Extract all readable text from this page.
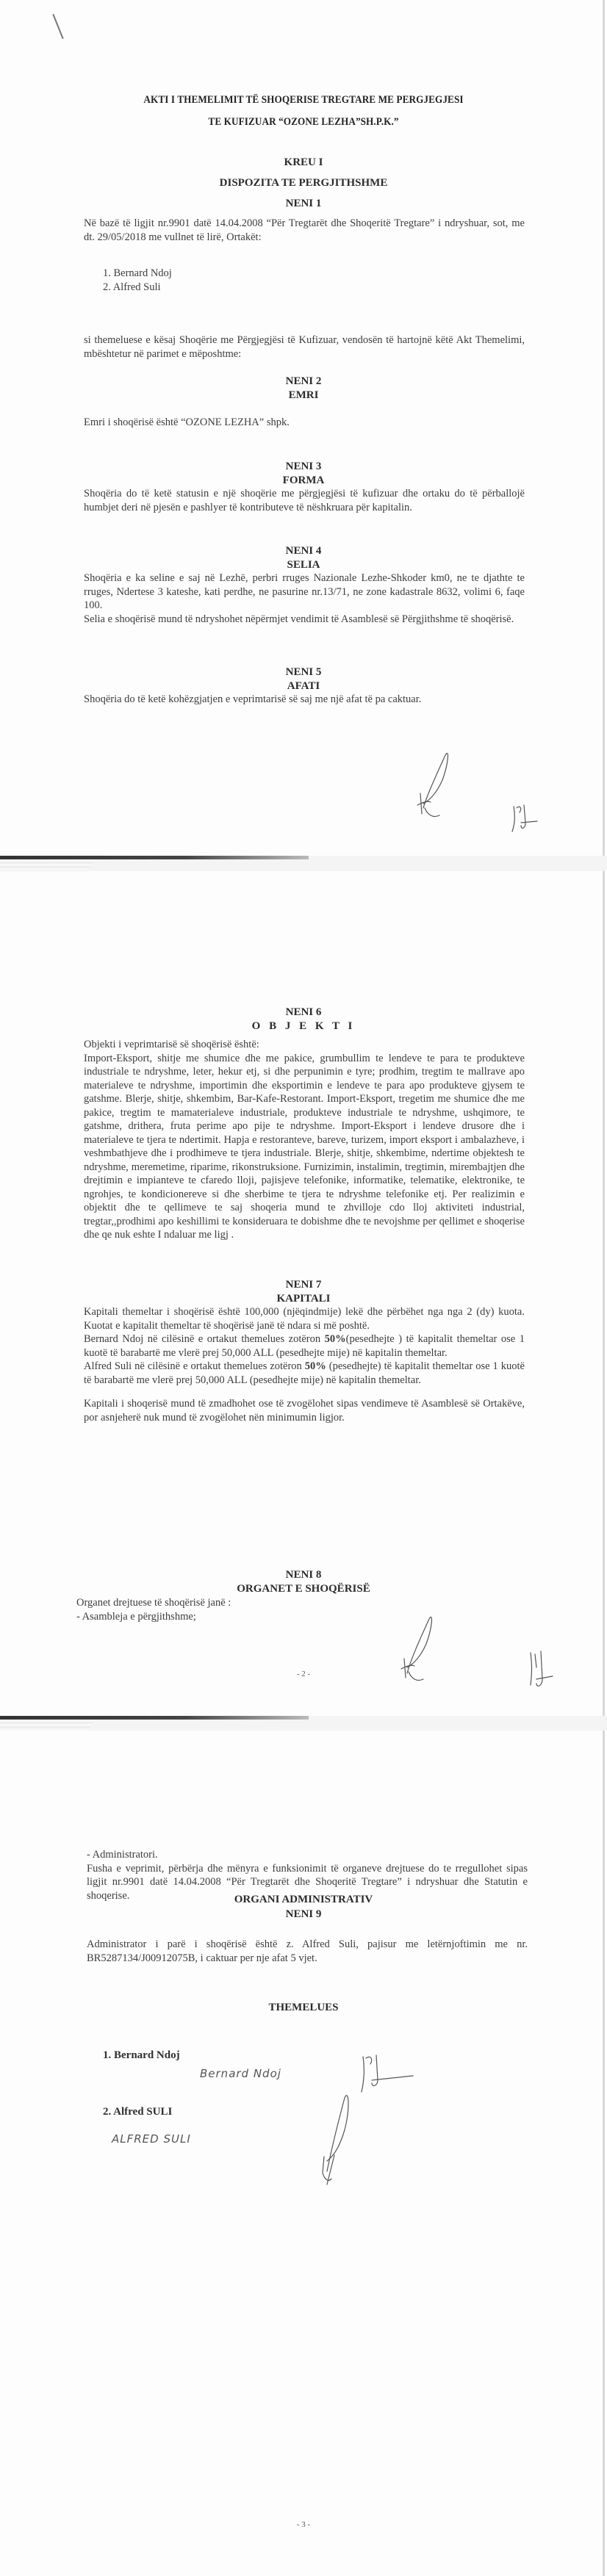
AKTI I THEMELIMIT TË SHOQERISE TREGTARE ME PERGJEGJESI
TE KUFIZUAR “OZONE LEZHA”SH.P.K.”
KREU I
DISPOZITA TE PERGJITHSHME
NENI 1
Në bazë të ligjit nr.9901 datë 14.04.2008 “Për Tregtarët dhe Shoqeritë Tregtare” i ndryshuar, sot, me dt. 29/05/2018 me vullnet të lirë, Ortakët:
1. Bernard Ndoj
2. Alfred Suli
si themeluese e kësaj Shoqërie me Përgjegjësi të Kufizuar, vendosën të hartojnë këtë Akt Themelimi, mbështetur në parimet e mëposhtme:
NENI 2
EMRI
Emri i shoqërisë është “OZONE LEZHA” shpk.
NENI 3
FORMA
Shoqëria do të ketë statusin e një shoqërie me përgjegjësi të kufizuar dhe ortaku do të përballojë humbjet deri në pjesën e pashlyer të kontributeve të nëshkruara për kapitalin.
NENI 4
SELIA

Shoqëria e ka seline e saj në Lezhë, perbri rruges Nazionale Lezhe-Shkoder km0, ne te djathte te rruges, Ndertese 3 kateshe, kati perdhe, ne pasurine nr.13/71, ne zone kadastrale 8632, volimi 6, faqe 100.

Selia e shoqërisë mund të ndryshohet nëpërmjet vendimit të Asamblesë së Përgjithshme të shoqërisë.

NENI 5
AFATI
Shoqëria do të ketë kohëzgjatjen e veprimtarisë së saj me një afat të pa caktuar.
NENI 6
O B J E K T I

Objekti i veprimtarisë së shoqërisë është:

Import-Eksport, shitje me shumice dhe me pakice, grumbullim te lendeve te para te produkteve industriale te ndryshme, leter, hekur etj, si dhe perpunimin e tyre; prodhim, tregtim te mallrave apo materialeve te ndryshme, importimin dhe eksportimin e lendeve te para apo produkteve gjysem te gatshme. Blerje, shitje, shkembim, Bar-Kafe-Restorant. Import-Eksport, tregetim me shumice dhe me pakice, tregtim te mamaterialeve industriale, produkteve industriale te ndryshme, ushqimore, te gatshme, drithera, fruta perime apo pije te ndryshme. Import-Eksport i lendeve drusore dhe i materialeve te tjera te ndertimit. Hapja e restoranteve, bareve, turizem, import eksport i ambalazheve, i veshmbathjeve dhe i prodhimeve te tjera industriale. Blerje, shitje, shkembime, ndertime objektesh te ndryshme, meremetime, riparime, rikonstruksione. Furnizimin, instalimin, tregtimin, mirembajtjen dhe drejtimin e impianteve te cfaredo lloji, pajisjeve telefonike, informatike, telematike, elektronike, te ngrohjes, te kondicionereve si dhe sherbime te tjera te ndryshme telefonike etj. Per realizimin e objektit dhe te qellimeve te saj shoqeria mund te zhvilloje cdo lloj aktiviteti industrial, tregtar,,prodhimi apo keshillimi te konsideruara te dobishme dhe te nevojshme per qellimet e shoqerise dhe qe nuk eshte I ndaluar me ligj .

NENI 7
KAPITALI

Kapitali themeltar i shoqërisë është 100,000 (njëqindmije) lekë dhe përbëhet nga nga 2 (dy) kuota. Kuotat e kapitalit themeltar të shoqërisë janë të ndara si më poshtë.

Bernard Ndoj në cilësinë e ortakut themelues zotëron 50%(pesedhejte ) të kapitalit themeltar ose 1 kuotë të barabartë me vlerë prej 50,000 ALL (pesedhejte mije) në kapitalin themeltar.

Alfred Suli në cilësinë e ortakut themelues zotëron 50% (pesedhejte) të kapitalit themeltar ose 1 kuotë të barabartë me vlerë prej 50,000 ALL (pesedhejte mije) në kapitalin themeltar.

Kapitali i shoqerisë mund të zmadhohet ose të zvogëlohet sipas vendimeve të Asamblesë së Ortakëve, por asnjeherë nuk mund të zvogëlohet nën minimumin ligjor.

NENI 8
ORGANET E SHOQËRISË

Organet drejtuese të shoqërisë janë :

- Asambleja e përgjithshme;

- 2 -

- Administratori.

Fusha e veprimit, përbërja dhe mënyra e funksionimit të organeve drejtuese do te rregullohet sipas ligjit nr.9901 datë 14.04.2008 “Për Tregtarët dhe Shoqeritë Tregtare” i ndryshuar dhe Statutin e shoqerise.	ORGANI ADMINISTRATIV
NENI 9
Administrator i parë i shoqërisë është z. Alfred Suli, pajisur me letërnjoftimin me nr. BR5287134/J00912075B, i caktuar per nje afat 5 vjet.
THEMELUES
1. Bernard Ndoj
Bernard Ndoj
2. Alfred SULI
ALFRED SULI
- 3 -
